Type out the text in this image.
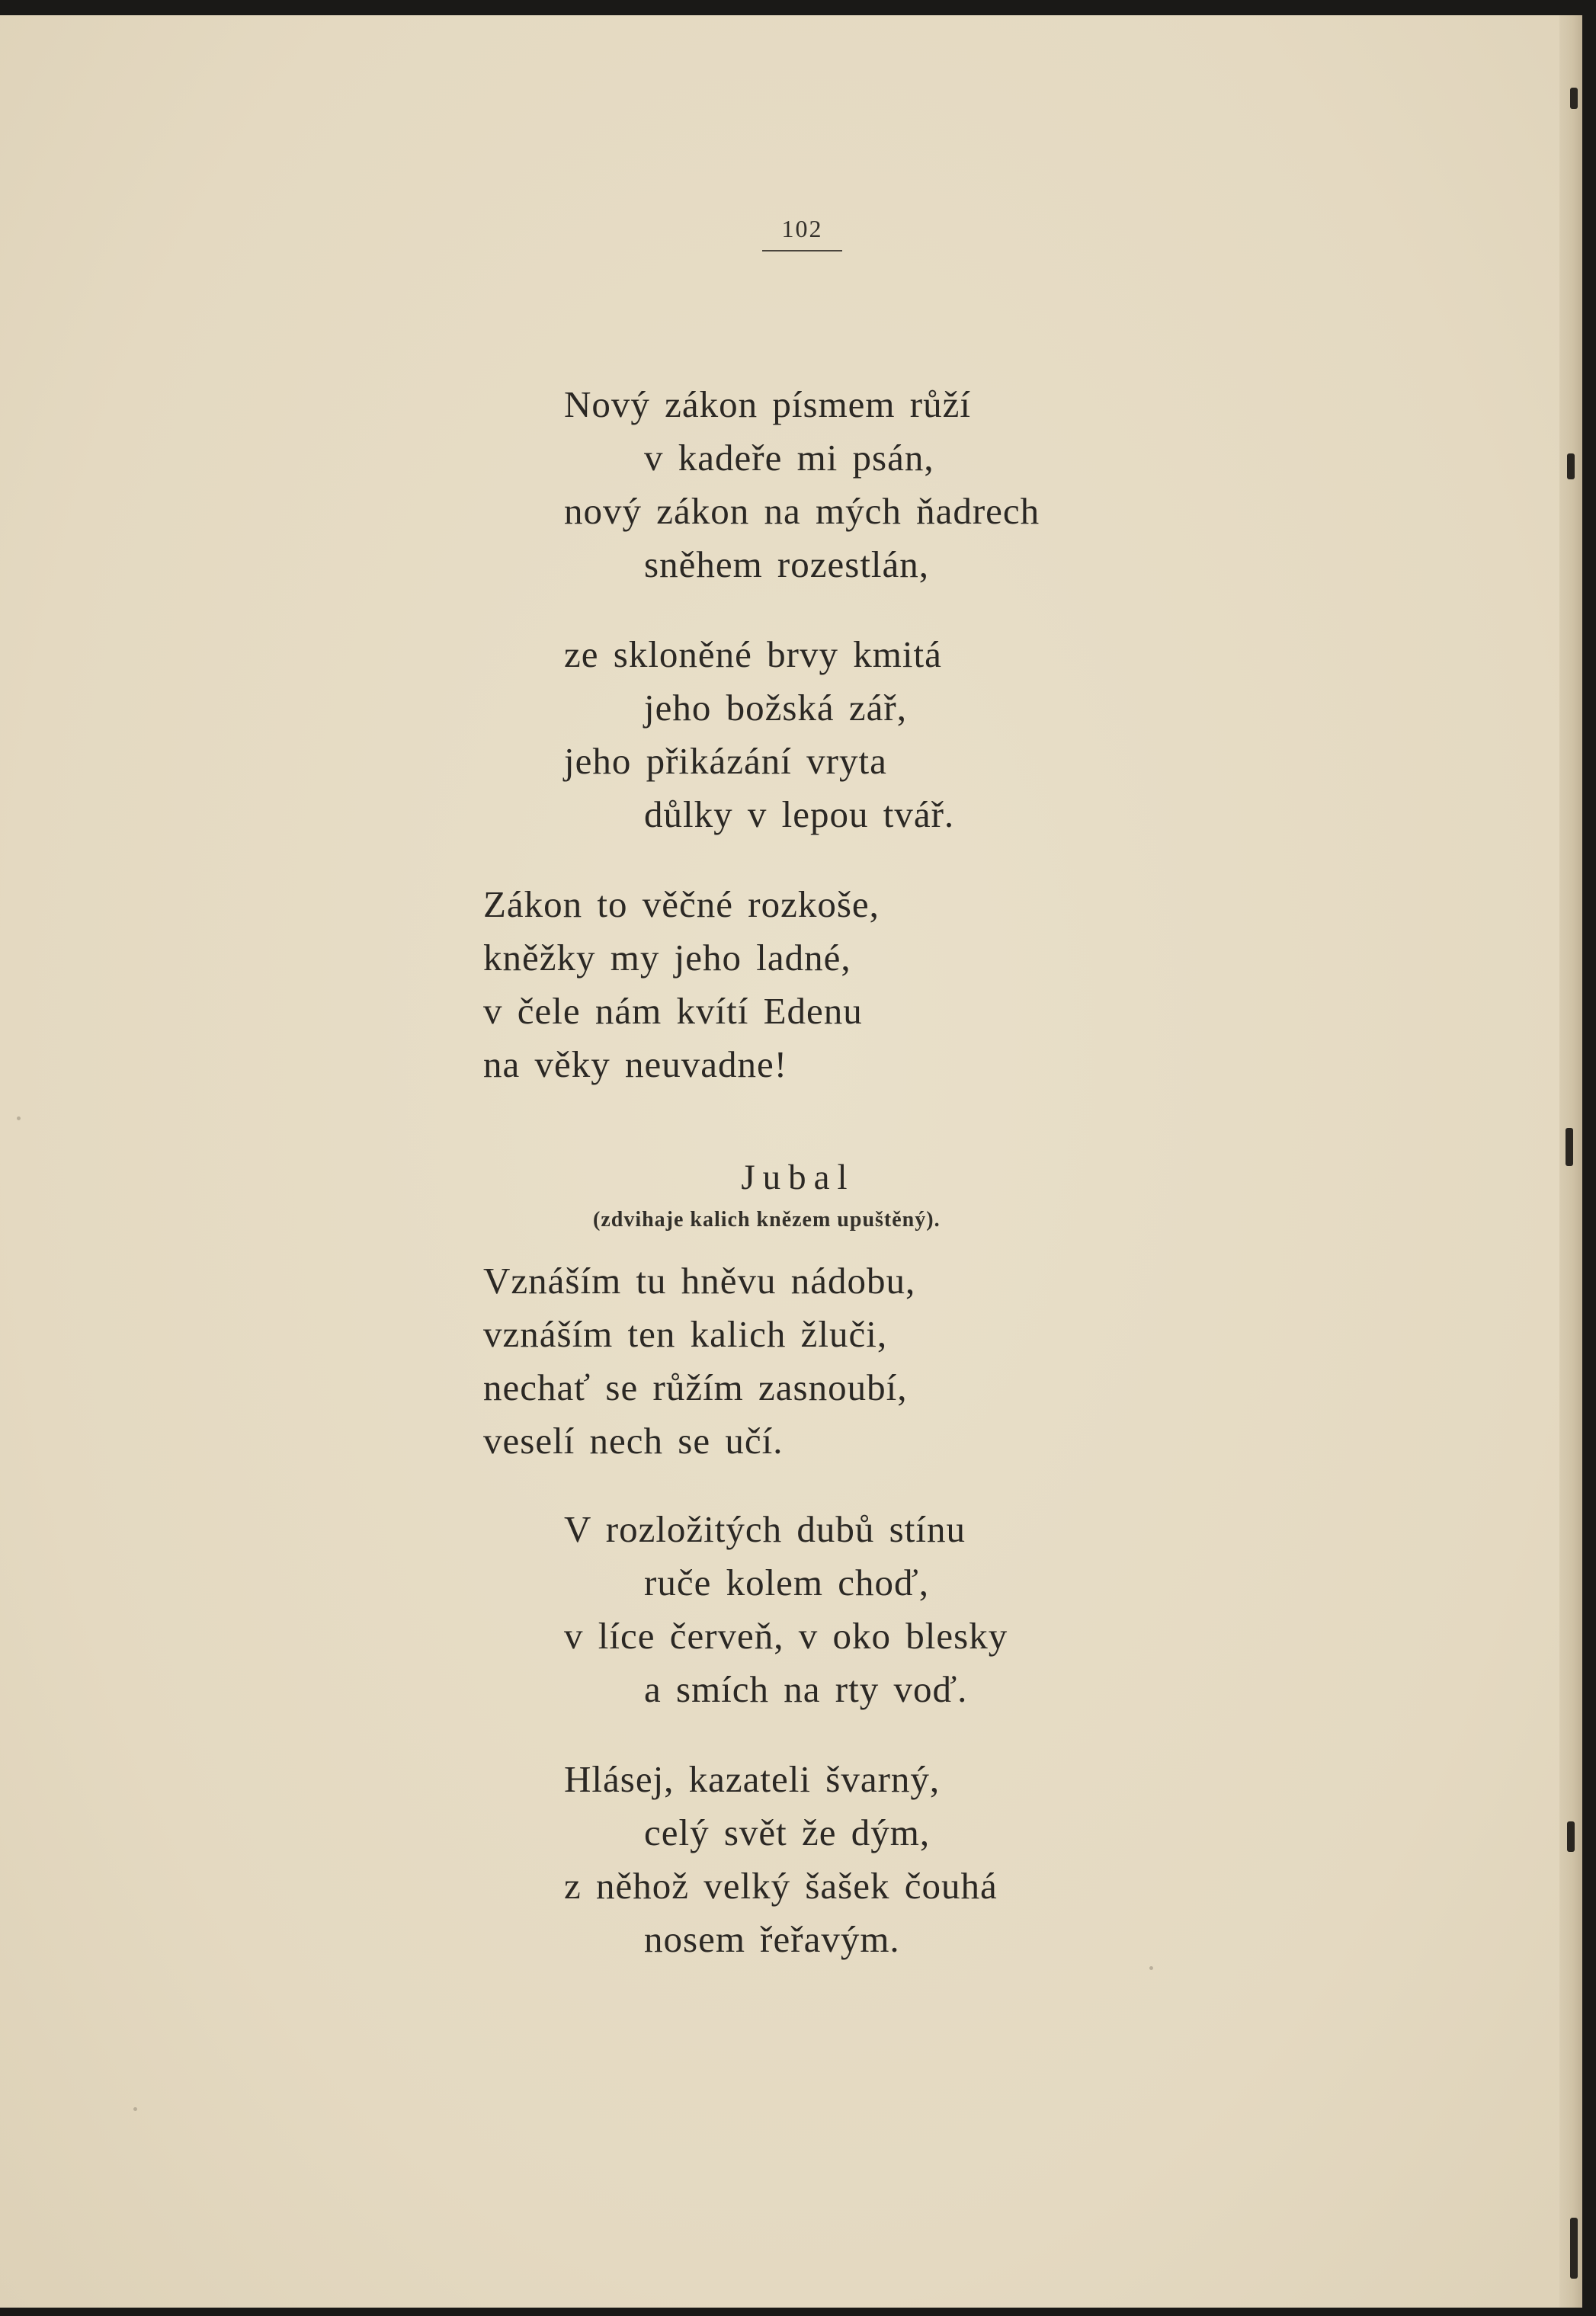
102
Nový zákon písmem růží
v kadeře mi psán,
nový zákon na mých ňadrech
sněhem rozestlán,
ze skloněné brvy kmitá
jeho božská zář,
jeho přikázání vryta
důlky v lepou tvář.
Zákon to věčné rozkoše,
kněžky my jeho ladné,
v čele nám kvítí Edenu
na věky neuvadne!
Jubal
(zdvihaje kalich knězem upuštěný).
Vznáším tu hněvu nádobu,
vznáším ten kalich žluči,
nechať se růžím zasnoubí,
veselí nech se učí.
V rozložitých dubů stínu
ruče kolem choď,
v líce červeň, v oko blesky
a smích na rty voď.
Hlásej, kazateli švarný,
celý svět že dým,
z něhož velký šašek čouhá
nosem řeřavým.
